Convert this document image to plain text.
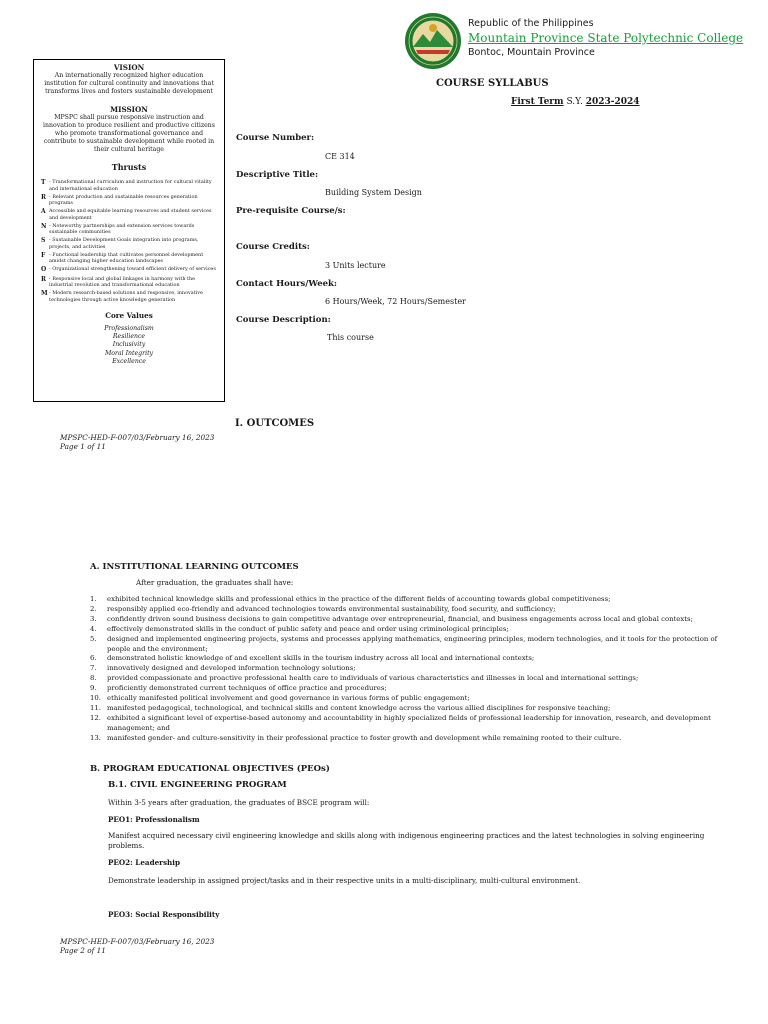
Republic of the Philippines
Mountain Province State Polytechnic College
Bontoc, Mountain Province
COURSE SYLLABUS
First Term S.Y. 2023-2024
VISION
An internationally recognized higher education institution for cultural continuity and innovations that transforms lives and fosters sustainable development
MISSION
MPSPC shall pursue responsive instruction and innovation to produce resilient and productive citizens who promote transformational governance and contribute to sustainable development while rooted in their cultural heritage
Thrusts
T - Transformational curriculum and instruction for cultural vitality and international education
R - Relevant production and sustainable resources generation programs
A Accessible and equitable learning resources and student services and development
N - Noteworthy partnerships and extension services towards sustainable communities
S - Sustainable Development Goals integration into programs, projects, and activities
F - Functional leadership that cultivates personnel development amidst changing higher education landscapes
O - Organizational strengthening toward efficient delivery of services
R - Responsive local and global linkages in harmony with the industrial revolution and transformational education
M - Modern research-based solutions and responsive, innovative technologies through active knowledge generation
Core Values
Professionalism
Resilience
Inclusivity
Moral Integrity
Excellence
Course Number:
CE 314
Descriptive Title:
Building System Design
Pre-requisite Course/s:
Course Credits:
3 Units lecture
Contact Hours/Week:
6 Hours/Week, 72 Hours/Semester
Course Description:
This course
I. OUTCOMES
MPSPC-HED-F-007/03/February 16, 2023
Page 1 of 11
A. INSTITUTIONAL LEARNING OUTCOMES
After graduation, the graduates shall have:
1.	exhibited technical knowledge skills and professional ethics in the practice of the different fields of accounting towards global competitiveness;
2.	responsibly applied eco-friendly and advanced technologies towards environmental sustainability, food security, and sufficiency;
3.	confidently driven sound business decisions to gain competitive advantage over entrepreneurial, financial, and business engagements across local and global contexts;
4.	effectively demonstrated skills in the conduct of public safety and peace and order using criminological principles;
5.	designed and implemented engineering projects, systems and processes applying mathematics, engineering principles, modern technologies, and it tools for the protection of people and the environment;
6.	demonstrated holistic knowledge of and excellent skills in the tourism industry across all local and international contexts;
7.	innovatively designed and developed information technology solutions;
8.	provided compassionate and proactive professional health care to individuals of various characteristics and illnesses in local and international settings;
9.	proficiently demonstrated current techniques of office practice and procedures;
10. ethically manifested political involvement and good governance in various forms of public engagement;
11. manifested pedagogical, technological, and technical skills and content knowledge across the various allied disciplines for responsive teaching;
12. exhibited a significant level of expertise-based autonomy and accountability in highly specialized fields of professional leadership for innovation, research, and development management; and
13. manifested gender- and culture-sensitivity in their professional practice to foster growth and development while remaining rooted to their culture.
B. PROGRAM EDUCATIONAL OBJECTIVES (PEOs)
B.1. CIVIL ENGINEERING PROGRAM
Within 3-5 years after graduation, the graduates of BSCE program will:
PEO1: Professionalism
Manifest acquired necessary civil engineering knowledge and skills along with indigenous engineering practices and the latest technologies in solving engineering problems.
PEO2: Leadership
Demonstrate leadership in assigned project/tasks and in their respective units in a multi-disciplinary, multi-cultural environment.
PEO3: Social Responsibility
MPSPC-HED-F-007/03/February 16, 2023
Page 2 of 11
